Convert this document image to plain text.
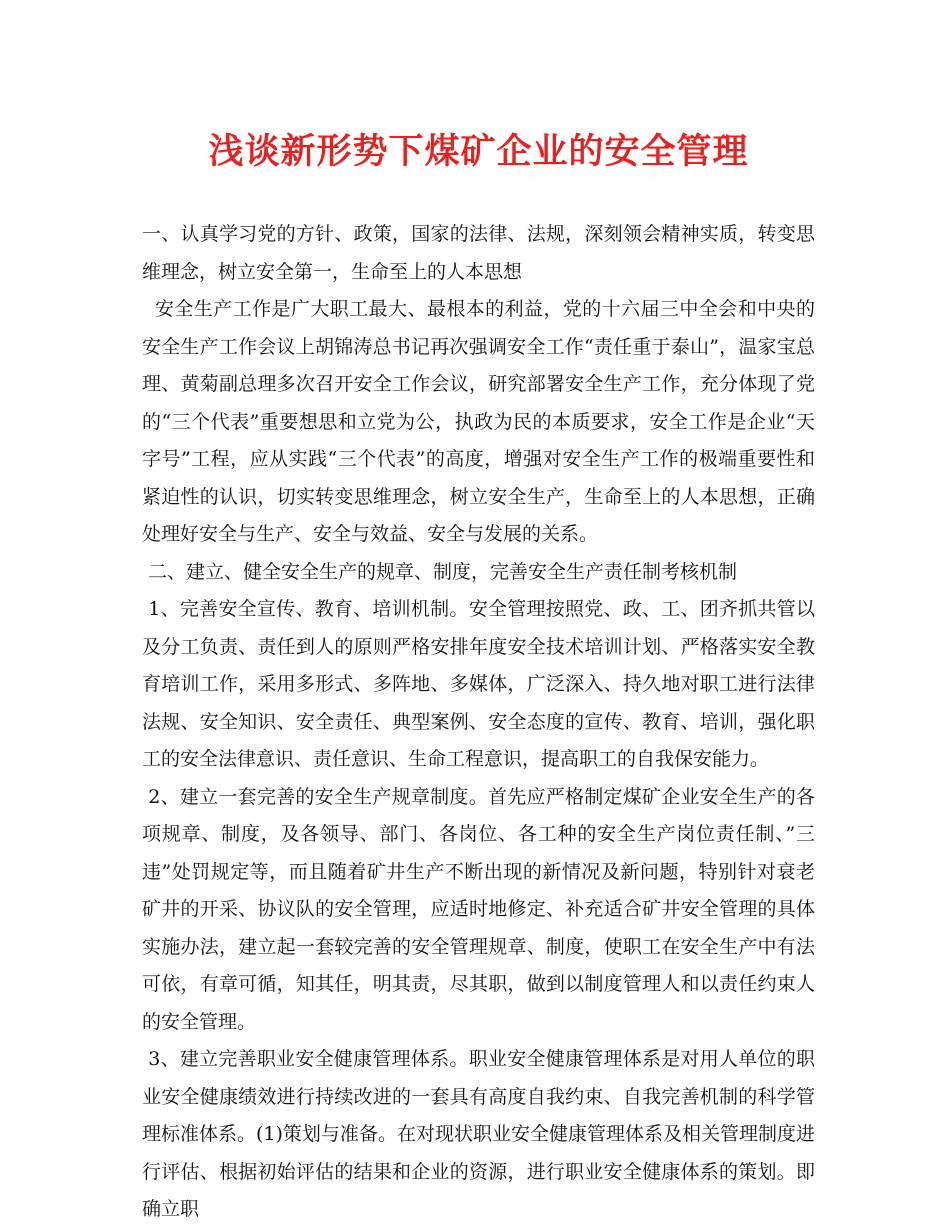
浅谈新形势下煤矿企业的安全管理

一、认真学习党的方针、政策，国家的法律、法规，深刻领会精神实质，转变思维理念，树立安全第一，生命至上的人本思想

安全生产工作是广大职工最大、最根本的利益，党的十六届三中全会和中央的安全生产工作会议上胡锦涛总书记再次强调安全工作“责任重于泰山”，温家宝总理、黄菊副总理多次召开安全工作会议，研究部署安全生产工作，充分体现了党的“三个代表”重要想思和立党为公，执政为民的本质要求，安全工作是企业“天字号”工程，应从实践“三个代表”的高度，增强对安全生产工作的极端重要性和紧迫性的认识，切实转变思维理念，树立安全生产，生命至上的人本思想，正确处理好安全与生产、安全与效益、安全与发展的关系。

二、建立、健全安全生产的规章、制度，完善安全生产责任制考核机制

1、完善安全宣传、教育、培训机制。安全管理按照党、政、工、团齐抓共管以及分工负责、责任到人的原则严格安排年度安全技术培训计划、严格落实安全教育培训工作，采用多形式、多阵地、多媒体，广泛深入、持久地对职工进行法律法规、安全知识、安全责任、典型案例、安全态度的宣传、教育、培训，强化职工的安全法律意识、责任意识、生命工程意识，提高职工的自我保安能力。

2、建立一套完善的安全生产规章制度。首先应严格制定煤矿企业安全生产的各项规章、制度，及各领导、部门、各岗位、各工种的安全生产岗位责任制、”三违”处罚规定等，而且随着矿井生产不断出现的新情况及新问题，特别针对衰老矿井的开采、协议队的安全管理，应适时地修定、补充适合矿井安全管理的具体实施办法，建立起一套较完善的安全管理规章、制度，使职工在安全生产中有法可依，有章可循，知其任，明其责，尽其职，做到以制度管理人和以责任约束人的安全管理。

3、建立完善职业安全健康管理体系。职业安全健康管理体系是对用人单位的职业安全健康绩效进行持续改进的一套具有高度自我约束、自我完善机制的科学管理标准体系。(1)策划与准备。在对现状职业安全健康管理体系及相关管理制度进行评估、根据初始评估的结果和企业的资源，进行职业安全健康体系的策划。即确立职
